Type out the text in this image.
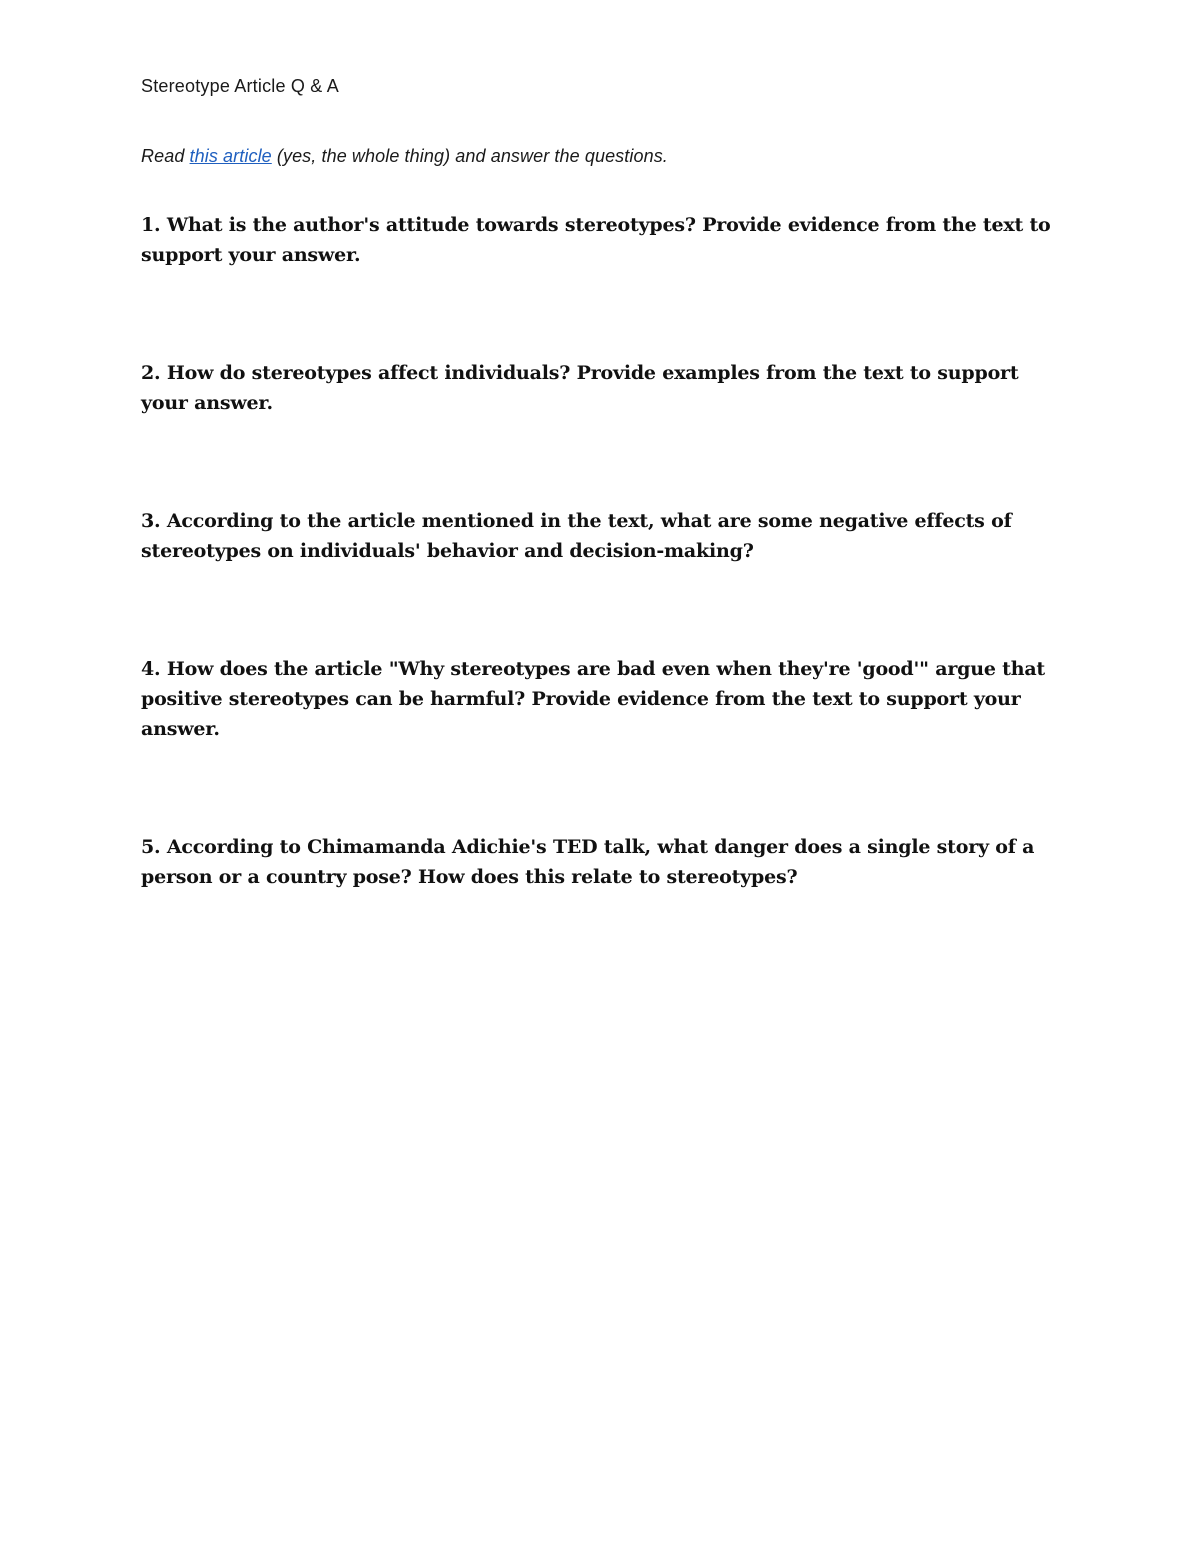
Stereotype Article Q & A

Read this article (yes, the whole thing) and answer the questions.

1. What is the author's attitude towards stereotypes? Provide evidence from the text to support your answer.

2. How do stereotypes affect individuals? Provide examples from the text to support your answer.

3. According to the article mentioned in the text, what are some negative effects of stereotypes on individuals' behavior and decision-making?

4. How does the article "Why stereotypes are bad even when they're 'good'" argue that positive stereotypes can be harmful? Provide evidence from the text to support your answer.

5. According to Chimamanda Adichie's TED talk, what danger does a single story of a person or a country pose? How does this relate to stereotypes?
